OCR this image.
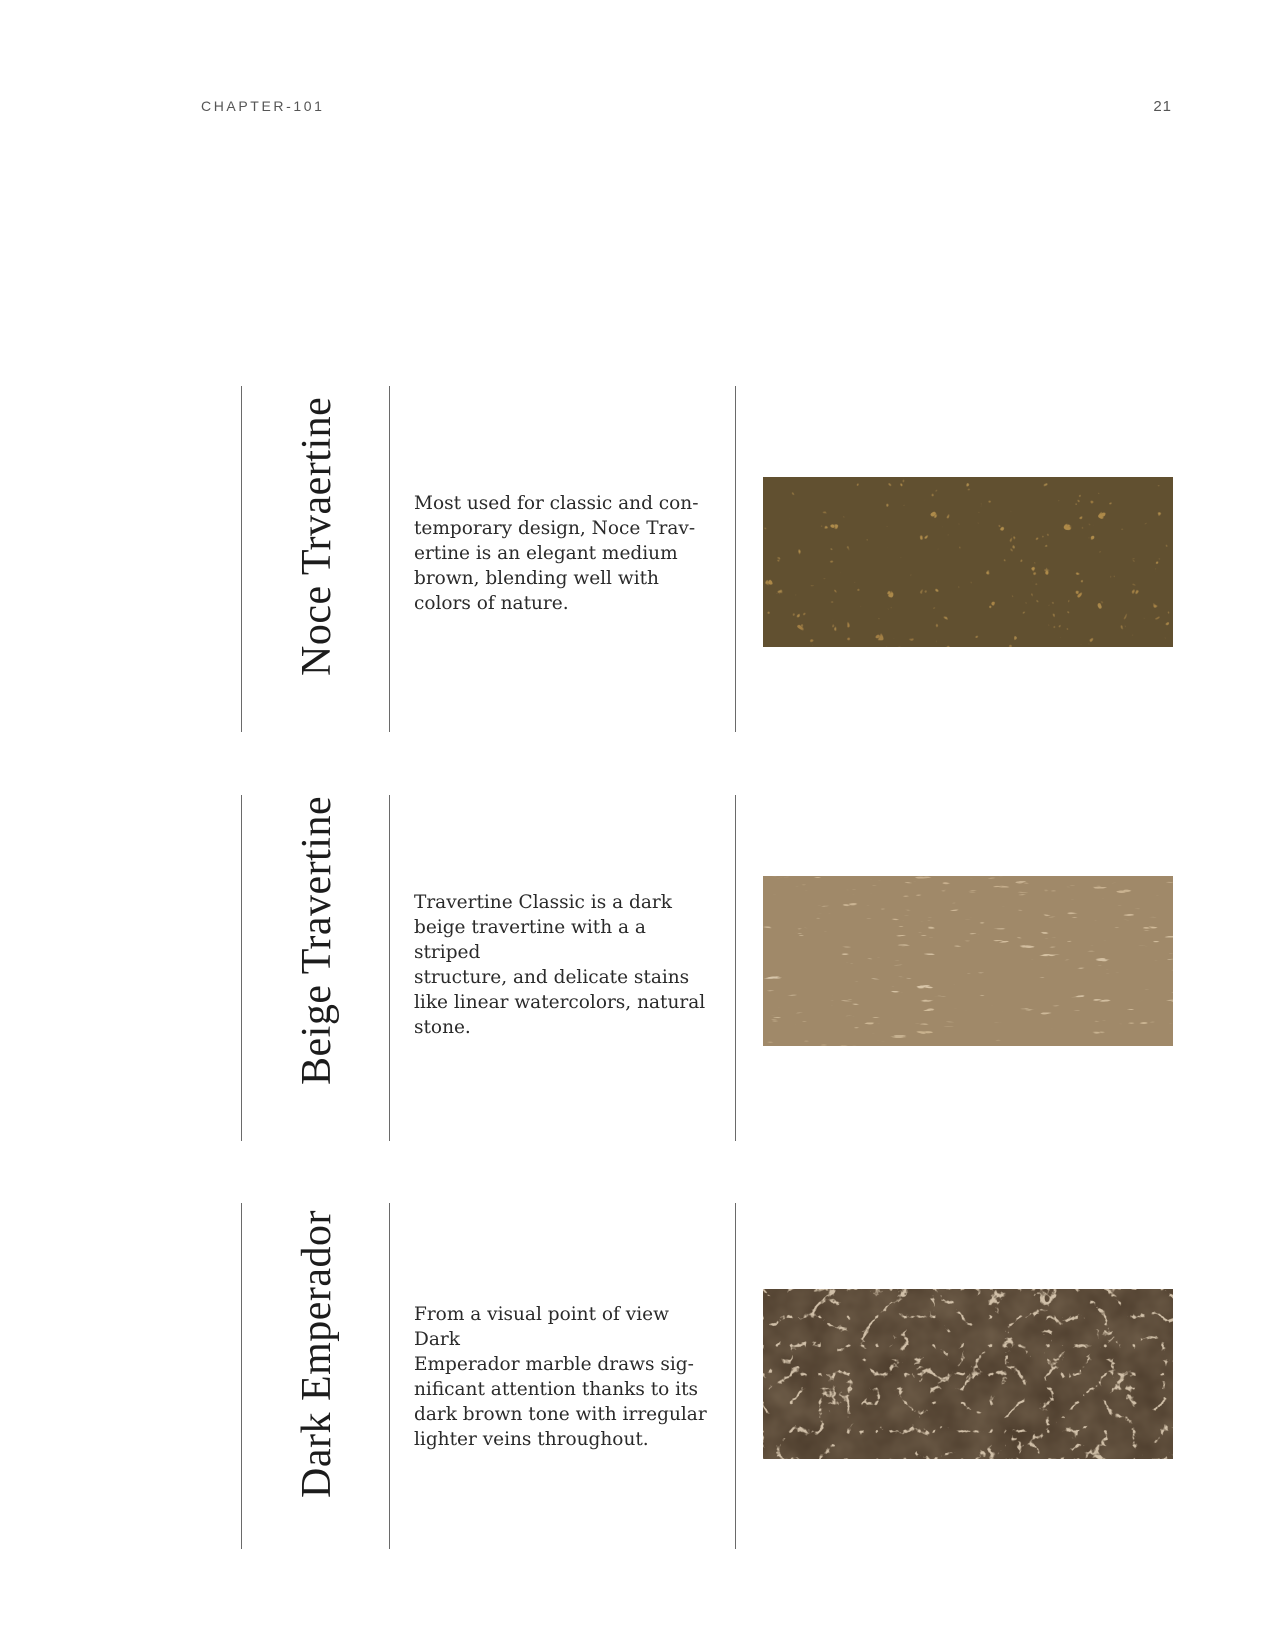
CHAPTER-101	21
Noce Trvaertine	Most used for classic and con-
temporary design, Noce Trav-
ertine is an elegant medium
brown, blending well with
colors of nature.
Beige Travertine	Travertine Classic is a dark
beige travertine with a a striped
structure, and delicate stains
like linear watercolors, natural
stone.
Dark Emperador	From a visual point of view Dark
Emperador marble draws sig-
nificant attention thanks to its
dark brown tone with irregular
lighter veins throughout.
